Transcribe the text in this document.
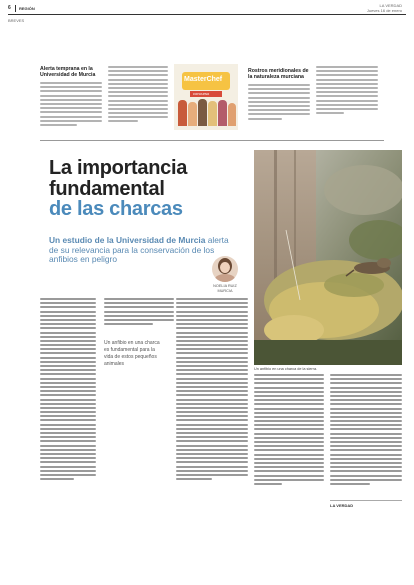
6 REGIÓN
LA VERDAD
Jueves 16 de enero
BREVES
Alerta temprana en la Universidad de Murcia
MasterChef
concurso
Rostros meridionales de la naturaleza murciana
La importancia
fundamental
de las charcas
Un estudio de la Universidad de Murcia alerta de su relevancia para la conservación de los anfibios en peligro
NOELIA RUIZ
MURCIA
Un anfibio en una charca de la sierra.
Un anfibio en una charca es fundamental para la vida de estos pequeños animales
LA VERDAD
